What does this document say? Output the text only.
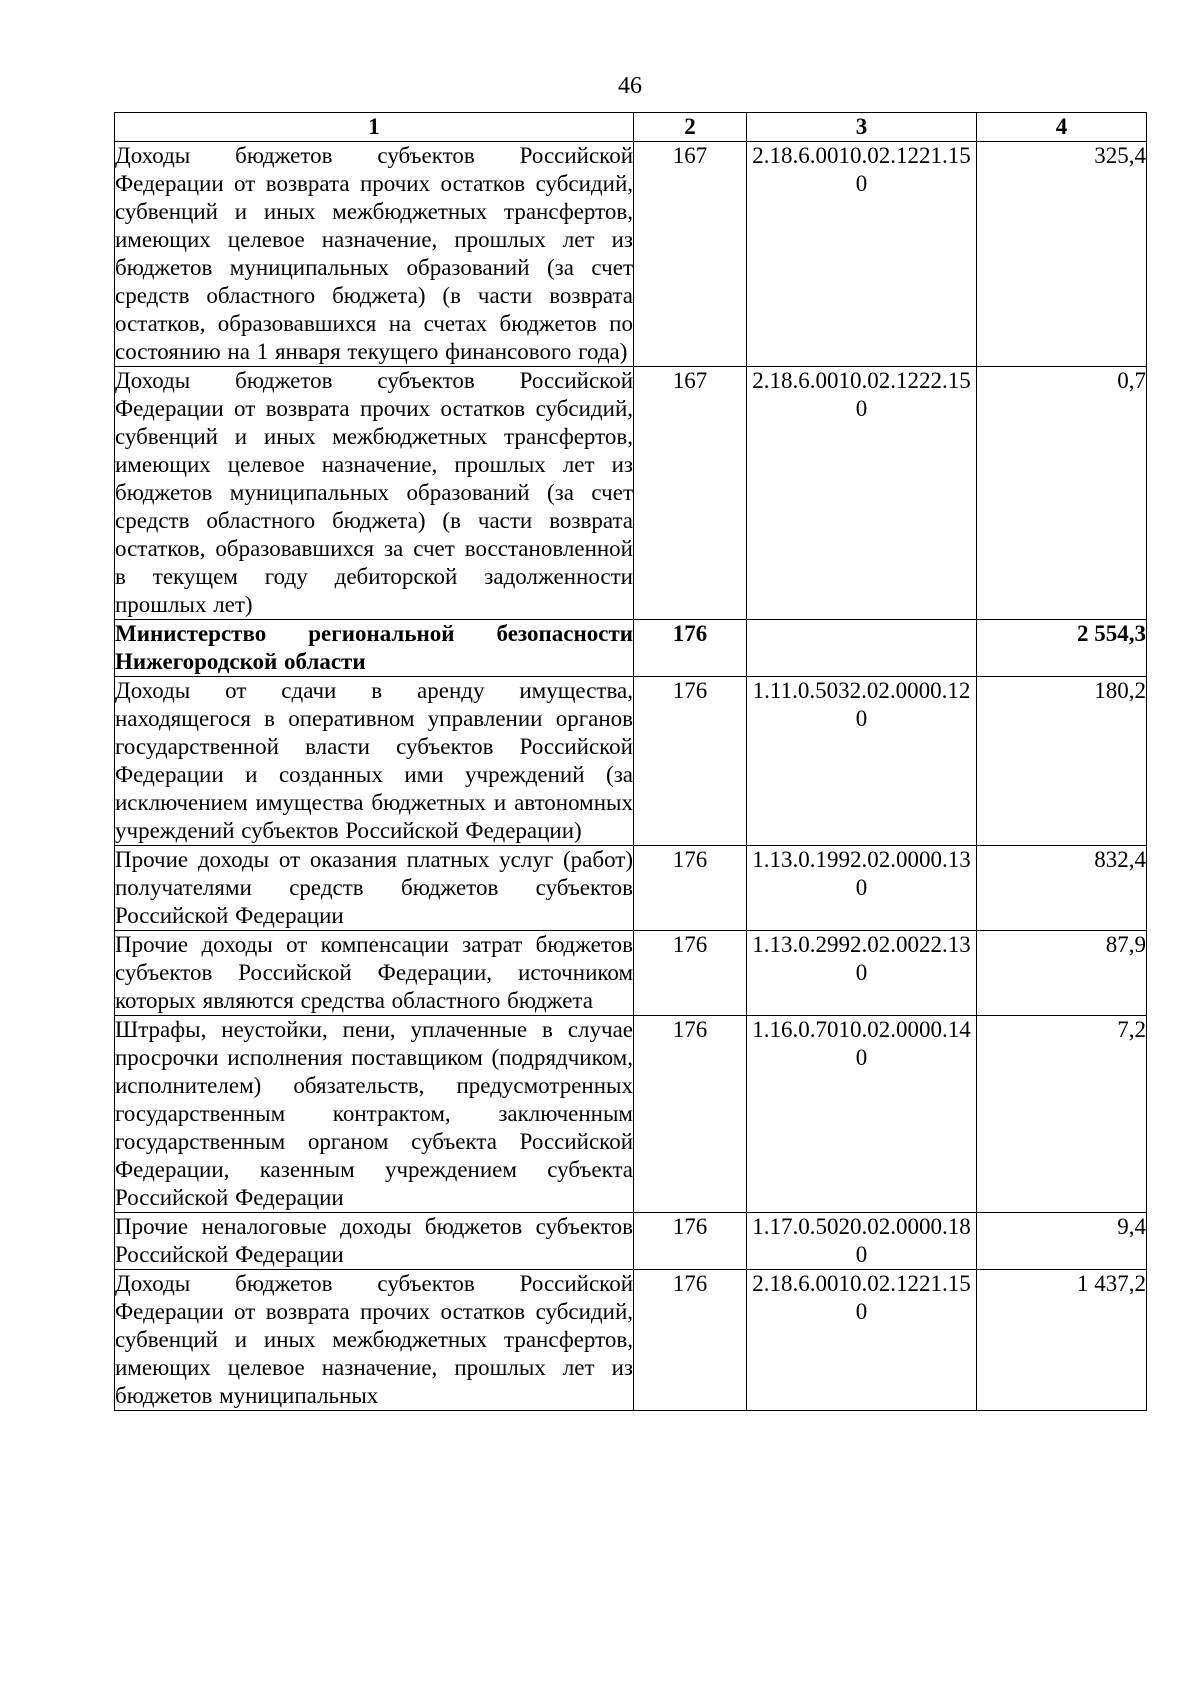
46
1	2	3	4
Доходы бюджетов субъектов Российской Федерации от возврата прочих остатков субсидий, субвенций и иных межбюджетных трансфертов, имеющих целевое назначение, прошлых лет из бюджетов муниципальных образований (за счет средств областного бюджета) (в части возврата остатков, образовавшихся на счетах бюджетов по состоянию на 1 января текущего финансового года)	167	2.18.6.0010.02.1221.150	325,4
Доходы бюджетов субъектов Российской Федерации от возврата прочих остатков субсидий, субвенций и иных межбюджетных трансфертов, имеющих целевое назначение, прошлых лет из бюджетов муниципальных образований (за счет средств областного бюджета) (в части возврата остатков, образовавшихся за счет восстановленной в текущем году дебиторской задолженности прошлых лет)	167	2.18.6.0010.02.1222.150	0,7
Министерство региональной безопасности Нижегородской области	176		2 554,3
Доходы от сдачи в аренду имущества, находящегося в оперативном управлении органов государственной власти субъектов Российской Федерации и созданных ими учреждений (за исключением имущества бюджетных и автономных учреждений субъектов Российской Федерации)	176	1.11.0.5032.02.0000.120	180,2
Прочие доходы от оказания платных услуг (работ) получателями средств бюджетов субъектов Российской Федерации	176	1.13.0.1992.02.0000.130	832,4
Прочие доходы от компенсации затрат бюджетов субъектов Российской Федерации, источником которых являются средства областного бюджета	176	1.13.0.2992.02.0022.130	87,9
Штрафы, неустойки, пени, уплаченные в случае просрочки исполнения поставщиком (подрядчиком, исполнителем) обязательств, предусмотренных государственным контрактом, заключенным государственным органом субъекта Российской Федерации, казенным учреждением субъекта Российской Федерации	176	1.16.0.7010.02.0000.140	7,2
Прочие неналоговые доходы бюджетов субъектов Российской Федерации	176	1.17.0.5020.02.0000.180	9,4
Доходы бюджетов субъектов Российской Федерации от возврата прочих остатков субсидий, субвенций и иных межбюджетных трансфертов, имеющих целевое назначение, прошлых лет из бюджетов муниципальных	176	2.18.6.0010.02.1221.150	1 437,2
